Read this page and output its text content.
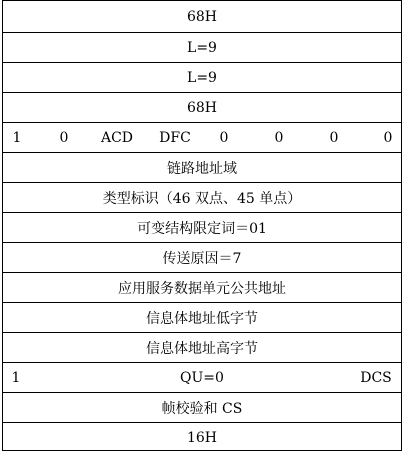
68H
L=9
L=9
68H
1	0	ACD	DFC	0	0	0	0
链路地址域
类型标识（46 双点、45 单点）
可变结构限定词＝01
传送原因＝7
应用服务数据单元公共地址
信息体地址低字节
信息体地址高字节
1	QU=0	DCS
帧校验和 CS
16H
